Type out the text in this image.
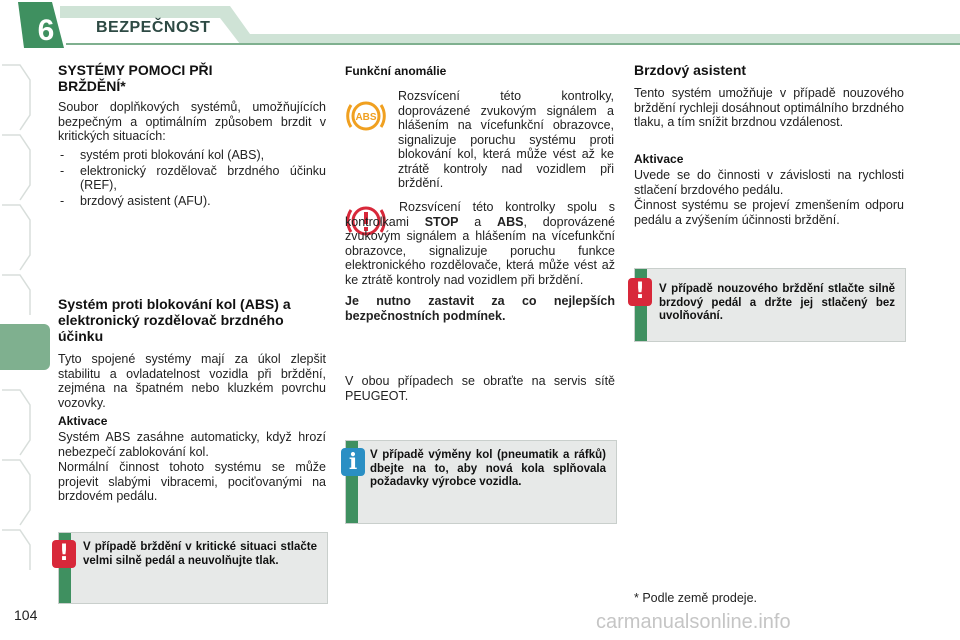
6	BEZPEČNOST
SYSTÉMY POMOCI PŘI BRŽDĚNÍ*
Soubor doplňkových systémů, umožňujících bezpečným a optimálním způsobem brzdit v kritických situacích:
- systém proti blokování kol (ABS),
- elektronický rozdělovač brzdného účinku (REF),
- brzdový asistent (AFU).
Systém proti blokování kol (ABS) a elektronický rozdělovač brzdného účinku
Tyto spojené systémy mají za úkol zlepšit stabilitu a ovladatelnost vozidla při brždění, zejména na špatném nebo kluzkém povrchu vozovky.
Aktivace
Systém ABS zasáhne automaticky, když hrozí nebezpečí zablokování kol.
Normální činnost tohoto systému se může projevit slabými vibracemi, pociťovanými na brzdovém pedálu.
V případě brždění v kritické situaci stlačte velmi silně pedál a neuvolňujte tlak.
!
Funkční anomálie
ABS
Rozsvícení této kontrolky, doprovázené zvukovým signálem a hlášením na vícefunkční obrazovce, signalizuje poruchu systému proti blokování kol, která může vést až ke ztrátě kontroly nad vozidlem při brždění.
Rozsvícení této kontrolky spolu s kontrolkami STOP a ABS, doprovázené zvukovým signálem a hlášením na vícefunkční obrazovce, signalizuje poruchu funkce elektronického rozdělovače, která může vést až ke ztrátě kontroly nad vozidlem při brždění.
Je nutno zastavit za co nejlepších bezpečnostních podmínek.
V obou případech se obraťte na servis sítě PEUGEOT.
V případě výměny kol (pneumatik a ráfků) dbejte na to, aby nová kola splňovala požadavky výrobce vozidla.
i
Brzdový asistent
Tento systém umožňuje v případě nouzového brždění rychleji dosáhnout optimálního brzdného tlaku, a tím snížit brzdnou vzdálenost.
Aktivace
Uvede se do činnosti v závislosti na rychlosti stlačení brzdového pedálu.
Činnost systému se projeví zmenšením odporu pedálu a zvýšením účinnosti brždění.
V případě nouzového brždění stlačte silně brzdový pedál a držte jej stlačený bez uvolňování.
!
* Podle země prodeje.
104	carmanualsonline.info
